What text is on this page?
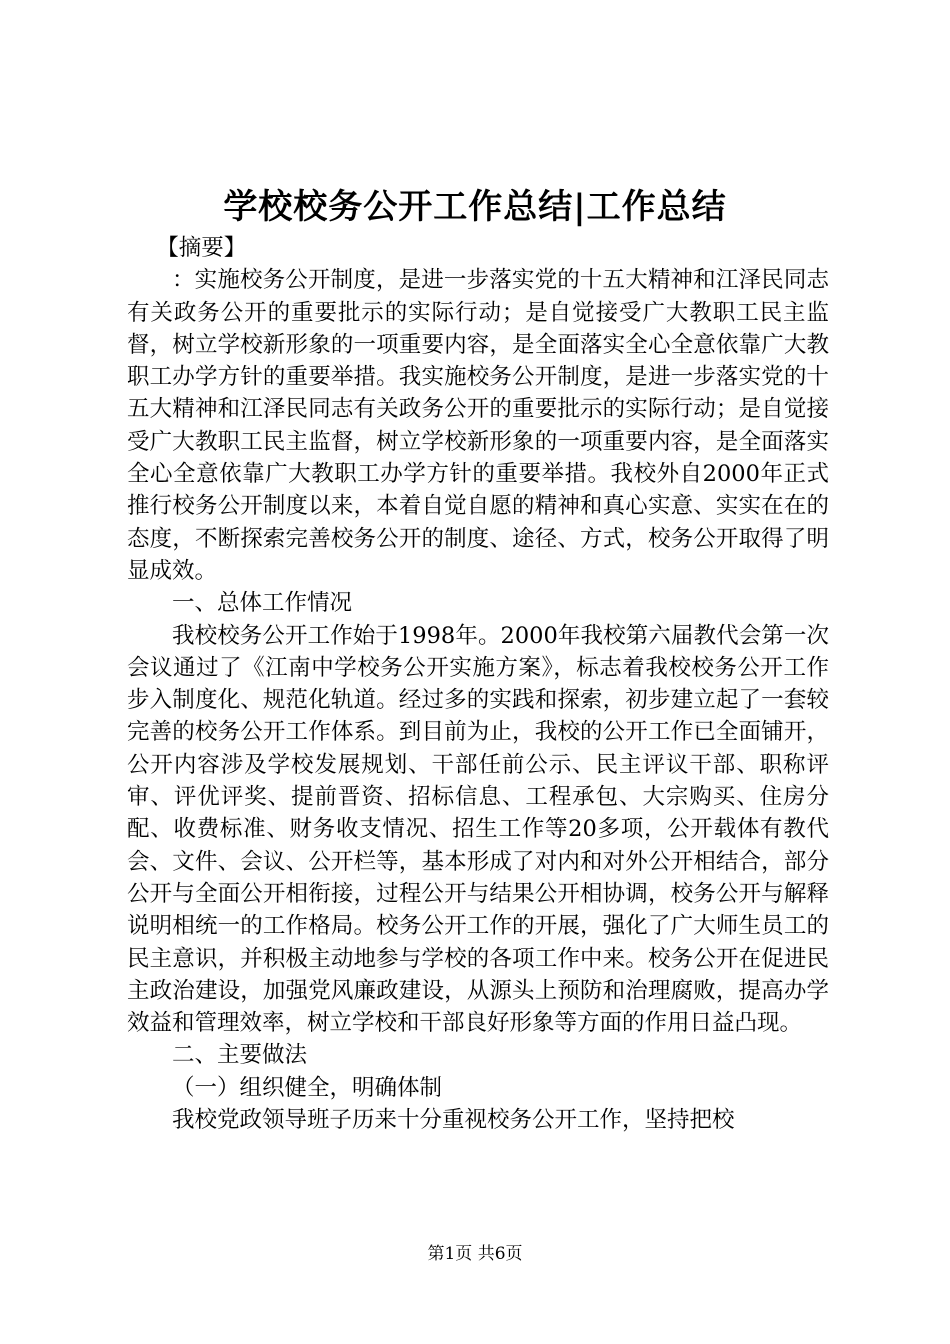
学校校务公开工作总结|工作总结

【摘要】

：实施校务公开制度，是进一步落实党的十五大精神和江泽民同志有关政务公开的重要批示的实际行动；是自觉接受广大教职工民主监督，树立学校新形象的一项重要内容，是全面落实全心全意依靠广大教职工办学方针的重要举措。我实施校务公开制度，是进一步落实党的十五大精神和江泽民同志有关政务公开的重要批示的实际行动；是自觉接受广大教职工民主监督，树立学校新形象的一项重要内容，是全面落实全心全意依靠广大教职工办学方针的重要举措。我校外自2000年正式推行校务公开制度以来，本着自觉自愿的精神和真心实意、实实在在的态度，不断探索完善校务公开的制度、途径、方式，校务公开取得了明显成效。

一、总体工作情况

我校校务公开工作始于1998年。2000年我校第六届教代会第一次会议通过了《江南中学校务公开实施方案》，标志着我校校务公开工作步入制度化、规范化轨道。经过多的实践和探索，初步建立起了一套较完善的校务公开工作体系。到目前为止，我校的公开工作已全面铺开，公开内容涉及学校发展规划、干部任前公示、民主评议干部、职称评审、评优评奖、提前晋资、招标信息、工程承包、大宗购买、住房分配、收费标准、财务收支情况、招生工作等20多项，公开载体有教代会、文件、会议、公开栏等，基本形成了对内和对外公开相结合，部分公开与全面公开相衔接，过程公开与结果公开相协调，校务公开与解释说明相统一的工作格局。校务公开工作的开展，强化了广大师生员工的民主意识，并积极主动地参与学校的各项工作中来。校务公开在促进民主政治建设，加强党风廉政建设，从源头上预防和治理腐败，提高办学效益和管理效率，树立学校和干部良好形象等方面的作用日益凸现。

二、主要做法

（一）组织健全，明确体制

我校党政领导班子历来十分重视校务公开工作，坚持把校

第1页 共6页
